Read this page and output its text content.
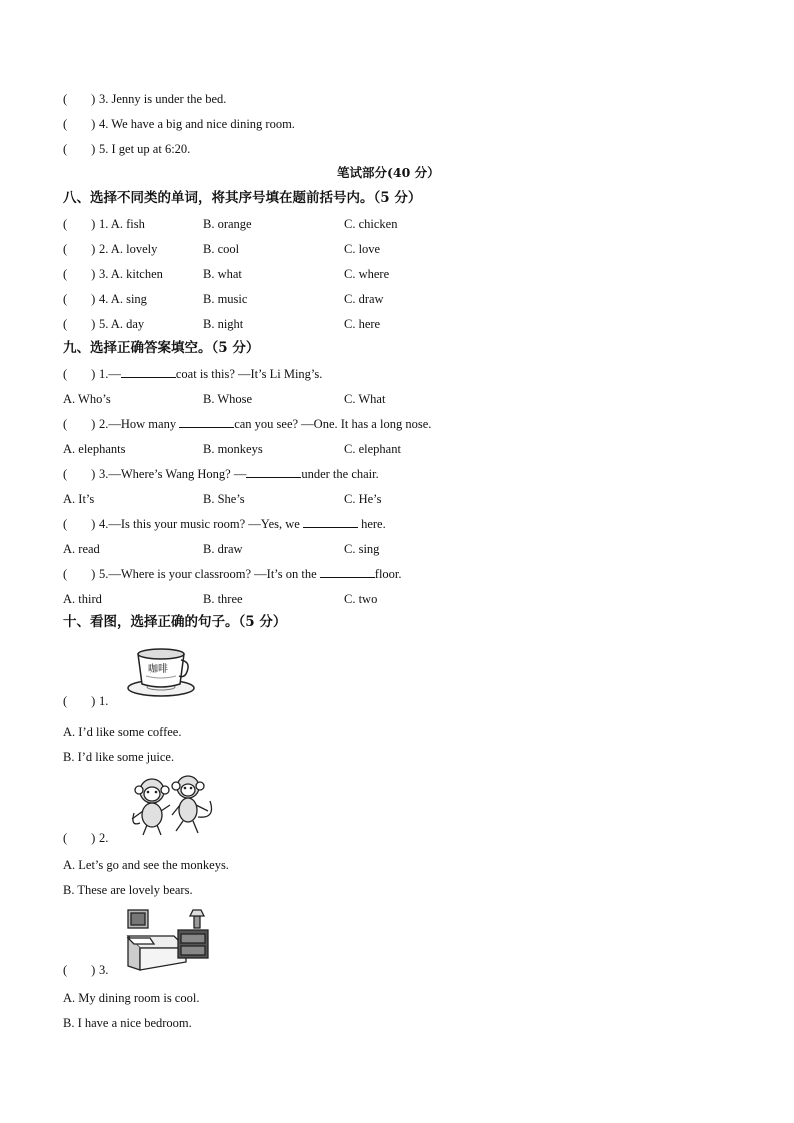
( ) 3. Jenny is under the bed.
( ) 4. We have a big and nice dining room.
( ) 5. I get up at 6:20.
笔试部分(40 分）
八、选择不同类的单词，将其序号填在题前括号内。（5 分）
( ) 1. A. fish	B. orange	C. chicken
( ) 2. A. lovely	B. cool	C. love
( ) 3. A. kitchen	B. what	C. where
( ) 4. A. sing	B. music	C. draw
( ) 5. A. day	B. night	C. here
九、选择正确答案填空。（5 分）
( ) 1.—	coat is this? —It’s Li Ming’s.
A. Who’s	B. Whose	C. What
( ) 2.—How many	can you see? —One. It has a long nose.
A. elephants	B. monkeys	C. elephant
( ) 3.—Where’s Wang Hong? —	under the chair.
A. It’s	B. She’s	C. He’s
( ) 4.—Is this your music room? —Yes, we	here.
A. read	B. draw	C. sing
( ) 5.—Where is your classroom? —It’s on the	floor.
A. third	B. three	C. two
十、看图，选择正确的句子。（5 分）
咖啡
( ) 1.
A. I’d like some coffee.
B. I’d like some juice.
( ) 2.
A. Let’s go and see the monkeys.
B. These are lovely bears.
( ) 3.
A. My dining room is cool.
B. I have a nice bedroom.
